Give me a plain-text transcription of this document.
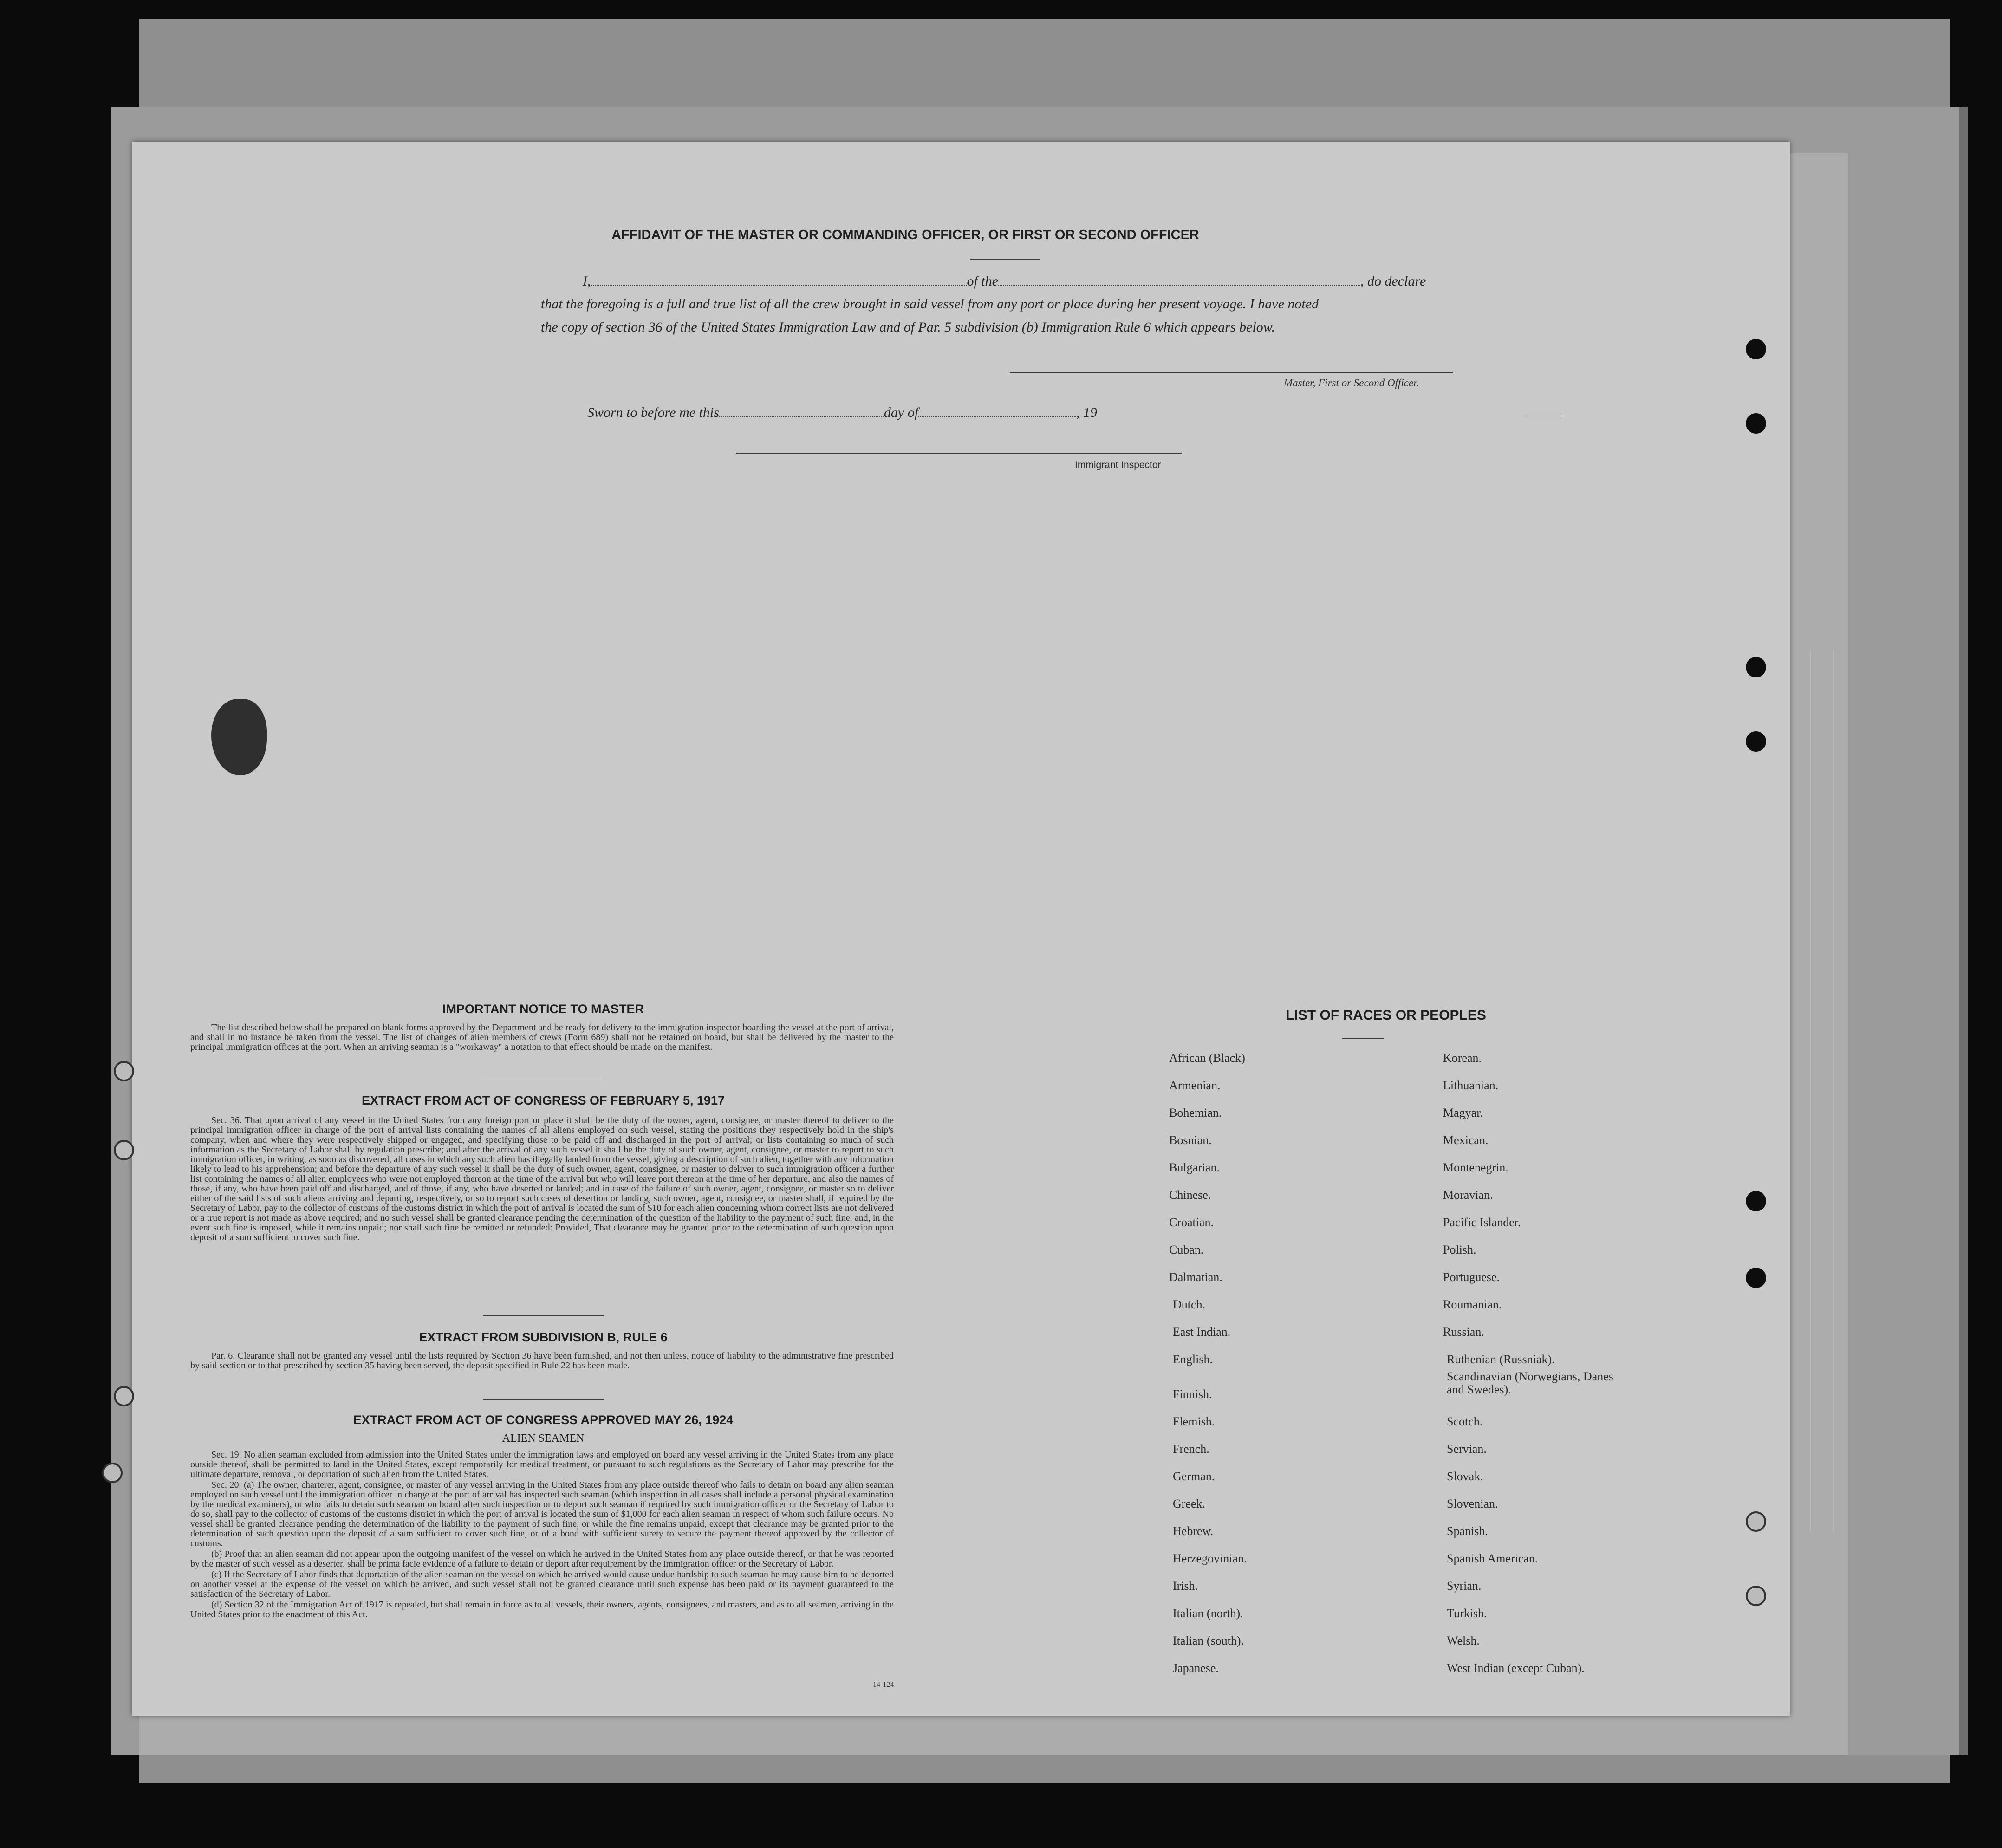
AFFIDAVIT OF THE MASTER OR COMMANDING OFFICER, OR FIRST OR SECOND OFFICER
I,	of the	, do declare
that the foregoing is a full and true list of all the crew brought in said vessel from any port or place during her present voyage. I have noted
the copy of section 36 of the United States Immigration Law and of Par. 5 subdivision (b) Immigration Rule 6 which appears below.
Master, First or Second Officer.
Sworn to before me this	day of	, 19
Immigrant Inspector
IMPORTANT NOTICE TO MASTER

The list described below shall be prepared on blank forms approved by the Department and be ready for delivery to the immigration inspector boarding the vessel at the port of arrival, and shall in no instance be taken from the vessel. The list of changes of alien members of crews (Form 689) shall not be retained on board, but shall be delivered by the master to the principal immigration offices at the port. When an arriving seaman is a "workaway" a notation to that effect should be made on the manifest.

EXTRACT FROM ACT OF CONGRESS OF FEBRUARY 5, 1917

Sec. 36. That upon arrival of any vessel in the United States from any foreign port or place it shall be the duty of the owner, agent, consignee, or master thereof to deliver to the principal immigration officer in charge of the port of arrival lists containing the names of all aliens employed on such vessel, stating the positions they respectively hold in the ship's company, when and where they were respectively shipped or engaged, and specifying those to be paid off and discharged in the port of arrival; or lists containing so much of such information as the Secretary of Labor shall by regulation prescribe; and after the arrival of any such vessel it shall be the duty of such owner, agent, consignee, or master to report to such immigration officer, in writing, as soon as discovered, all cases in which any such alien has illegally landed from the vessel, giving a description of such alien, together with any information likely to lead to his apprehension; and before the departure of any such vessel it shall be the duty of such owner, agent, consignee, or master to deliver to such immigration officer a further list containing the names of all alien employees who were not employed thereon at the time of the arrival but who will leave port thereon at the time of her departure, and also the names of those, if any, who have been paid off and discharged, and of those, if any, who have deserted or landed; and in case of the failure of such owner, agent, consignee, or master so to deliver either of the said lists of such aliens arriving and departing, respectively, or so to report such cases of desertion or landing, such owner, agent, consignee, or master shall, if required by the Secretary of Labor, pay to the collector of customs of the customs district in which the port of arrival is located the sum of $10 for each alien concerning whom correct lists are not delivered or a true report is not made as above required; and no such vessel shall be granted clearance pending the determination of the question of the liability to the payment of such fine, and, in the event such fine is imposed, while it remains unpaid; nor shall such fine be remitted or refunded: Provided, That clearance may be granted prior to the determination of such question upon deposit of a sum sufficient to cover such fine.

EXTRACT FROM SUBDIVISION B, RULE 6

Par. 6. Clearance shall not be granted any vessel until the lists required by Section 36 have been furnished, and not then unless, notice of liability to the administrative fine prescribed by said section or to that prescribed by section 35 having been served, the deposit specified in Rule 22 has been made.

EXTRACT FROM ACT OF CONGRESS APPROVED MAY 26, 1924
ALIEN SEAMEN

Sec. 19. No alien seaman excluded from admission into the United States under the immigration laws and employed on board any vessel arriving in the United States from any place outside thereof, shall be permitted to land in the United States, except temporarily for medical treatment, or pursuant to such regulations as the Secretary of Labor may prescribe for the ultimate departure, removal, or deportation of such alien from the United States.

Sec. 20. (a) The owner, charterer, agent, consignee, or master of any vessel arriving in the United States from any place outside thereof who fails to detain on board any alien seaman employed on such vessel until the immigration officer in charge at the port of arrival has inspected such seaman (which inspection in all cases shall include a personal physical examination by the medical examiners), or who fails to detain such seaman on board after such inspection or to deport such seaman if required by such immigration officer or the Secretary of Labor to do so, shall pay to the collector of customs of the customs district in which the port of arrival is located the sum of $1,000 for each alien seaman in respect of whom such failure occurs. No vessel shall be granted clearance pending the determination of the liability to the payment of such fine, or while the fine remains unpaid, except that clearance may be granted prior to the determination of such question upon the deposit of a sum sufficient to cover such fine, or of a bond with sufficient surety to secure the payment thereof approved by the collector of customs.

(b) Proof that an alien seaman did not appear upon the outgoing manifest of the vessel on which he arrived in the United States from any place outside thereof, or that he was reported by the master of such vessel as a deserter, shall be prima facie evidence of a failure to detain or deport after requirement by the immigration officer or the Secretary of Labor.

(c) If the Secretary of Labor finds that deportation of the alien seaman on the vessel on which he arrived would cause undue hardship to such seaman he may cause him to be deported on another vessel at the expense of the vessel on which he arrived, and such vessel shall not be granted clearance until such expense has been paid or its payment guaranteed to the satisfaction of the Secretary of Labor.

(d) Section 32 of the Immigration Act of 1917 is repealed, but shall remain in force as to all vessels, their owners, agents, consignees, and masters, and as to all seamen, arriving in the United States prior to the enactment of this Act.

14-124
LIST OF RACES OR PEOPLES
African (Black)
Armenian.
Bohemian.
Bosnian.
Bulgarian.
Chinese.
Croatian.
Cuban.
Dalmatian.
Dutch.
East Indian.
English.
Finnish.
Flemish.
French.
German.
Greek.
Hebrew.
Herzegovinian.
Irish.
Italian (north).
Italian (south).
Japanese.
Korean.
Lithuanian.
Magyar.
Mexican.
Montenegrin.
Moravian.
Pacific Islander.
Polish.
Portuguese.
Roumanian.
Russian.
Ruthenian (Russniak).
Scandinavian (Norwegians, Danes and Swedes).
Scotch.
Servian.
Slovak.
Slovenian.
Spanish.
Spanish American.
Syrian.
Turkish.
Welsh.
West Indian (except Cuban).
